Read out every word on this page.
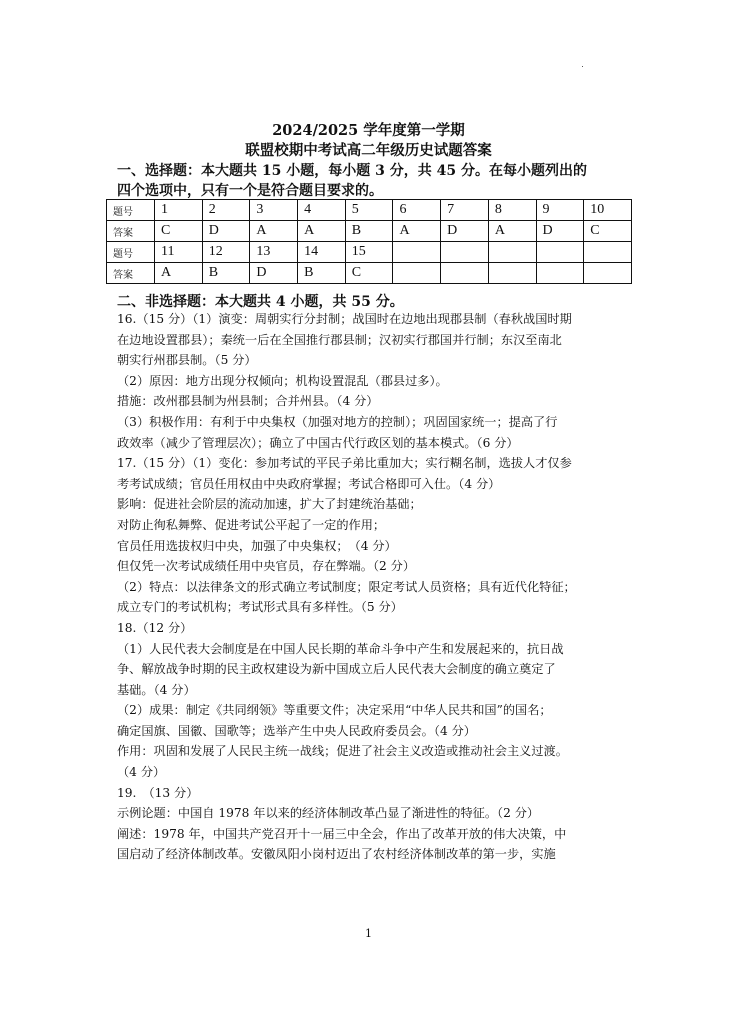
2024/2025 学年度第一学期
联盟校期中考试高二年级历史试题答案
一、选择题：本大题共 15 小题，每小题 3 分，共 45 分。在每小题列出的
四个选项中，只有一个是符合题目要求的。
题号	1	2	3	4	5	6	7	8	9	10
答案	C	D	A	A	B	A	D	A	D	C
题号	11	12	13	14	15					
答案	A	B	D	B	C					
二、非选择题：本大题共 4 小题，共 55 分。
16.（15 分）（1）演变：周朝实行分封制；战国时在边地出现郡县制（春秋战国时期
在边地设置郡县）；秦统一后在全国推行郡县制；汉初实行郡国并行制；东汉至南北
朝实行州郡县制。（5 分）
（2）原因：地方出现分权倾向；机构设置混乱（郡县过多）。
措施：改州郡县制为州县制；合并州县。（4 分）
（3）积极作用：有利于中央集权（加强对地方的控制）；巩固国家统一；提高了行
政效率（减少了管理层次）；确立了中国古代行政区划的基本模式。（6 分）
17.（15 分）（1）变化：参加考试的平民子弟比重加大；实行糊名制，选拔人才仅参
考考试成绩；官员任用权由中央政府掌握；考试合格即可入仕。（4 分）
影响：促进社会阶层的流动加速，扩大了封建统治基础；
对防止徇私舞弊、促进考试公平起了一定的作用；
官员任用选拔权归中央，加强了中央集权；　（4 分）
但仅凭一次考试成绩任用中央官员，存在弊端。（2 分）
（2）特点：以法律条文的形式确立考试制度；限定考试人员资格；具有近代化特征；
成立专门的考试机构；考试形式具有多样性。（5 分）
18.（12 分）
（1）人民代表大会制度是在中国人民长期的革命斗争中产生和发展起来的，抗日战
争、解放战争时期的民主政权建设为新中国成立后人民代表大会制度的确立奠定了
基础。（4 分）
（2）成果：制定《共同纲领》等重要文件；决定采用“中华人民共和国”的国名；
确定国旗、国徽、国歌等；选举产生中央人民政府委员会。（4 分）
作用：巩固和发展了人民民主统一战线；促进了社会主义改造或推动社会主义过渡。
（4 分）
19.　（13 分）
示例论题：中国自 1978 年以来的经济体制改革凸显了渐进性的特征。（2 分）
阐述：1978 年，中国共产党召开十一届三中全会，作出了改革开放的伟大决策，中
国启动了经济体制改革。安徽凤阳小岗村迈出了农村经济体制改革的第一步，实施
1
